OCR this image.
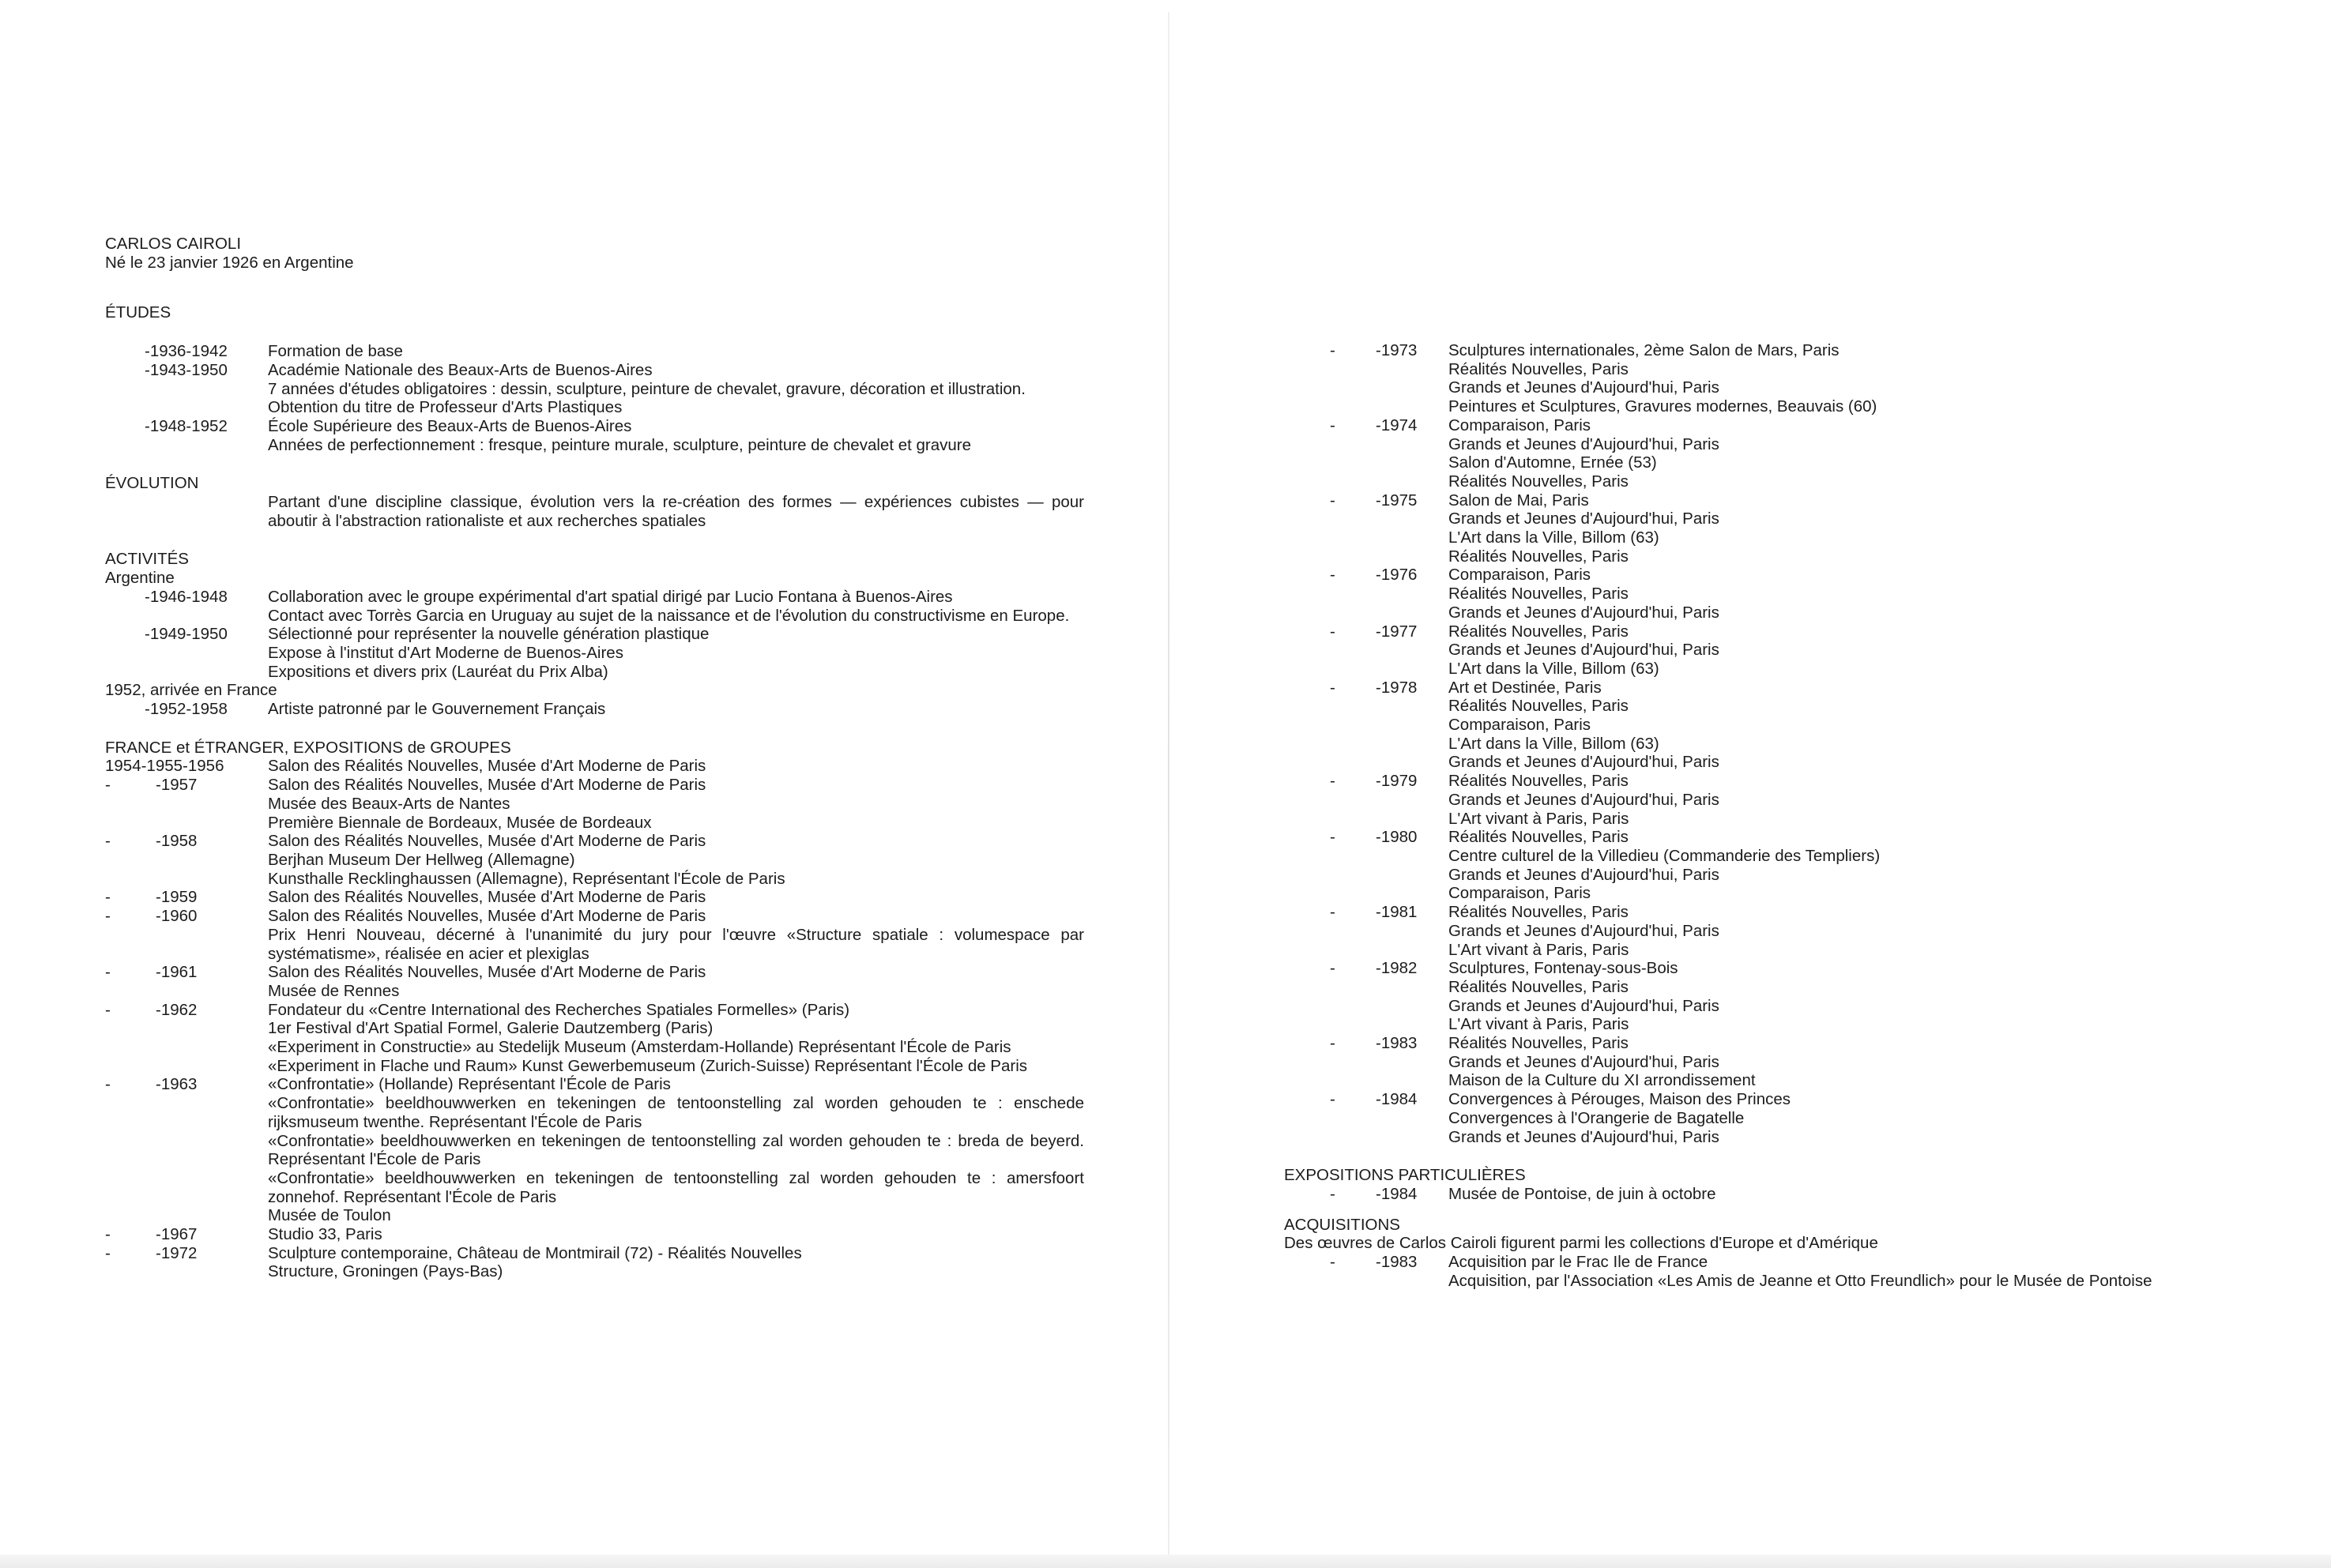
CARLOS CAIROLI
Né le 23 janvier 1926 en Argentine
ÉTUDES
-1936-1942	Formation de base
-1943-1950	Académie Nationale des Beaux-Arts de Buenos-Aires
7 années d'études obligatoires : dessin, sculpture, peinture de chevalet, gravure, décoration et illustration.
Obtention du titre de Professeur d'Arts Plastiques
-1948-1952	École Supérieure des Beaux-Arts de Buenos-Aires
Années de perfectionnement : fresque, peinture murale, sculpture, peinture de chevalet et gravure
ÉVOLUTION
Partant d'une discipline classique, évolution vers la re-création des formes — expériences cubistes — pour aboutir à l'abstraction rationaliste et aux recherches spatiales
ACTIVITÉS
Argentine
-1946-1948	Collaboration avec le groupe expérimental d'art spatial dirigé par Lucio Fontana à Buenos-Aires
Contact avec Torrès Garcia en Uruguay au sujet de la naissance et de l'évolution du constructivisme en Europe.
-1949-1950	Sélectionné pour représenter la nouvelle génération plastique
Expose à l'institut d'Art Moderne de Buenos-Aires
Expositions et divers prix (Lauréat du Prix Alba)
1952, arrivée en France
-1952-1958	Artiste patronné par le Gouvernement Français
FRANCE et ÉTRANGER, EXPOSITIONS de GROUPES
1954-1955-1956	Salon des Réalités Nouvelles, Musée d'Art Moderne de Paris
-	-1957	Salon des Réalités Nouvelles, Musée d'Art Moderne de Paris
Musée des Beaux-Arts de Nantes
Première Biennale de Bordeaux, Musée de Bordeaux
-	-1958	Salon des Réalités Nouvelles, Musée d'Art Moderne de Paris
Berjhan Museum Der Hellweg (Allemagne)
Kunsthalle Recklinghaussen (Allemagne), Représentant l'École de Paris
-	-1959	Salon des Réalités Nouvelles, Musée d'Art Moderne de Paris
-	-1960	Salon des Réalités Nouvelles, Musée d'Art Moderne de Paris
Prix Henri Nouveau, décerné à l'unanimité du jury pour l'œuvre «Structure spatiale : volumespace par systématisme», réalisée en acier et plexiglas
-	-1961	Salon des Réalités Nouvelles, Musée d'Art Moderne de Paris
Musée de Rennes
-	-1962	Fondateur du «Centre International des Recherches Spatiales Formelles» (Paris)
1er Festival d'Art Spatial Formel, Galerie Dautzemberg (Paris)
«Experiment in Constructie» au Stedelijk Museum (Amsterdam-Hollande) Représentant l'École de Paris
«Experiment in Flache und Raum» Kunst Gewerbemuseum (Zurich-Suisse) Représentant l'École de Paris
-	-1963	«Confrontatie» (Hollande) Représentant l'École de Paris
«Confrontatie» beeldhouwwerken en tekeningen de tentoonstelling zal worden gehouden te : enschede rijksmuseum twenthe. Représentant l'École de Paris
«Confrontatie» beeldhouwwerken en tekeningen de tentoonstelling zal worden gehouden te : breda de beyerd. Représentant l'École de Paris
«Confrontatie» beeldhouwwerken en tekeningen de tentoonstelling zal worden gehouden te : amersfoort zonnehof. Représentant l'École de Paris
Musée de Toulon
-	-1967	Studio 33, Paris
-	-1972	Sculpture contemporaine, Château de Montmirail (72) - Réalités Nouvelles
Structure, Groningen (Pays-Bas)
-	-1973	Sculptures internationales, 2ème Salon de Mars, Paris
Réalités Nouvelles, Paris
Grands et Jeunes d'Aujourd'hui, Paris
Peintures et Sculptures, Gravures modernes, Beauvais (60)
-	-1974	Comparaison, Paris
Grands et Jeunes d'Aujourd'hui, Paris
Salon d'Automne, Ernée (53)
Réalités Nouvelles, Paris
-	-1975	Salon de Mai, Paris
Grands et Jeunes d'Aujourd'hui, Paris
L'Art dans la Ville, Billom (63)
Réalités Nouvelles, Paris
-	-1976	Comparaison, Paris
Réalités Nouvelles, Paris
Grands et Jeunes d'Aujourd'hui, Paris
-	-1977	Réalités Nouvelles, Paris
Grands et Jeunes d'Aujourd'hui, Paris
L'Art dans la Ville, Billom (63)
-	-1978	Art et Destinée, Paris
Réalités Nouvelles, Paris
Comparaison, Paris
L'Art dans la Ville, Billom (63)
Grands et Jeunes d'Aujourd'hui, Paris
-	-1979	Réalités Nouvelles, Paris
Grands et Jeunes d'Aujourd'hui, Paris
L'Art vivant à Paris, Paris
-	-1980	Réalités Nouvelles, Paris
Centre culturel de la Villedieu (Commanderie des Templiers)
Grands et Jeunes d'Aujourd'hui, Paris
Comparaison, Paris
-	-1981	Réalités Nouvelles, Paris
Grands et Jeunes d'Aujourd'hui, Paris
L'Art vivant à Paris, Paris
-	-1982	Sculptures, Fontenay-sous-Bois
Réalités Nouvelles, Paris
Grands et Jeunes d'Aujourd'hui, Paris
L'Art vivant à Paris, Paris
-	-1983	Réalités Nouvelles, Paris
Grands et Jeunes d'Aujourd'hui, Paris
Maison de la Culture du XI arrondissement
-	-1984	Convergences à Pérouges, Maison des Princes
Convergences à l'Orangerie de Bagatelle
Grands et Jeunes d'Aujourd'hui, Paris
EXPOSITIONS PARTICULIÈRES
-	-1984	Musée de Pontoise, de juin à octobre
ACQUISITIONS
Des œuvres de Carlos Cairoli figurent parmi les collections d'Europe et d'Amérique
-	-1983	Acquisition par le Frac Ile de France
Acquisition, par l'Association «Les Amis de Jeanne et Otto Freundlich» pour le Musée de Pontoise
